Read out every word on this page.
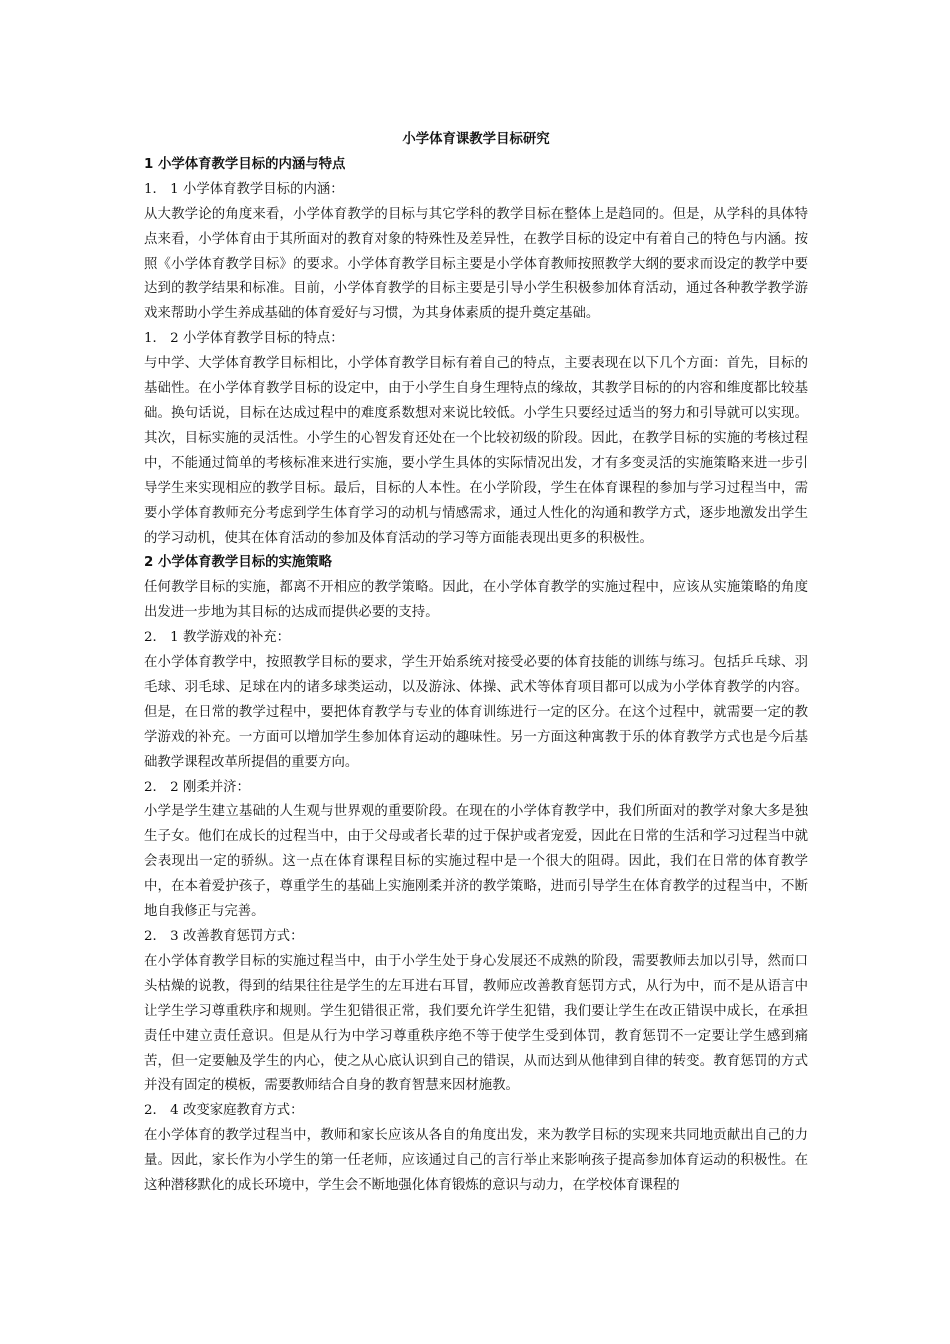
小学体育课教学目标研究

1 小学体育教学目标的内涵与特点

1． 1 小学体育教学目标的内涵：

从大教学论的角度来看，小学体育教学的目标与其它学科的教学目标在整体上是趋同的。但是，从学科的具体特点来看，小学体育由于其所面对的教育对象的特殊性及差异性，在教学目标的设定中有着自己的特色与内涵。按照《小学体育教学目标》的要求。小学体育教学目标主要是小学体育教师按照教学大纲的要求而设定的教学中要达到的教学结果和标准。目前，小学体育教学的目标主要是引导小学生积极参加体育活动，通过各种教学教学游戏来帮助小学生养成基础的体育爱好与习惯，为其身体素质的提升奠定基础。

1． 2 小学体育教学目标的特点：

与中学、大学体育教学目标相比，小学体育教学目标有着自己的特点，主要表现在以下几个方面：首先，目标的基础性。在小学体育教学目标的设定中，由于小学生自身生理特点的缘故，其教学目标的的内容和维度都比较基础。换句话说，目标在达成过程中的难度系数想对来说比较低。小学生只要经过适当的努力和引导就可以实现。其次，目标实施的灵活性。小学生的心智发育还处在一个比较初级的阶段。因此，在教学目标的实施的考核过程中，不能通过简单的考核标准来进行实施，要小学生具体的实际情况出发，才有多变灵活的实施策略来进一步引导学生来实现相应的教学目标。最后，目标的人本性。在小学阶段，学生在体育课程的参加与学习过程当中，需要小学体育教师充分考虑到学生体育学习的动机与情感需求，通过人性化的沟通和教学方式，逐步地激发出学生的学习动机，使其在体育活动的参加及体育活动的学习等方面能表现出更多的积极性。

2 小学体育教学目标的实施策略

任何教学目标的实施，都离不开相应的教学策略。因此，在小学体育教学的实施过程中，应该从实施策略的角度出发进一步地为其目标的达成而提供必要的支持。

2． 1 教学游戏的补充：

在小学体育教学中，按照教学目标的要求，学生开始系统对接受必要的体育技能的训练与练习。包括乒乓球、羽毛球、羽毛球、足球在内的诸多球类运动，以及游泳、体操、武术等体育项目都可以成为小学体育教学的内容。但是，在日常的教学过程中，要把体育教学与专业的体育训练进行一定的区分。在这个过程中，就需要一定的教学游戏的补充。一方面可以增加学生参加体育运动的趣味性。另一方面这种寓教于乐的体育教学方式也是今后基础教学课程改革所提倡的重要方向。

2． 2 刚柔并济：

小学是学生建立基础的人生观与世界观的重要阶段。在现在的小学体育教学中，我们所面对的教学对象大多是独生子女。他们在成长的过程当中，由于父母或者长辈的过于保护或者宠爱，因此在日常的生活和学习过程当中就会表现出一定的骄纵。这一点在体育课程目标的实施过程中是一个很大的阻碍。因此，我们在日常的体育教学中，在本着爱护孩子，尊重学生的基础上实施刚柔并济的教学策略，进而引导学生在体育教学的过程当中，不断地自我修正与完善。

2． 3 改善教育惩罚方式：

在小学体育教学目标的实施过程当中，由于小学生处于身心发展还不成熟的阶段，需要教师去加以引导，然而口头枯燥的说教，得到的结果往往是学生的左耳进右耳冒，教师应改善教育惩罚方式，从行为中，而不是从语言中让学生学习尊重秩序和规则。学生犯错很正常，我们要允许学生犯错，我们要让学生在改正错误中成长，在承担责任中建立责任意识。但是从行为中学习尊重秩序绝不等于使学生受到体罚，教育惩罚不一定要让学生感到痛苦，但一定要触及学生的内心，使之从心底认识到自己的错误，从而达到从他律到自律的转变。教育惩罚的方式并没有固定的模板，需要教师结合自身的教育智慧来因材施教。

2． 4 改变家庭教育方式：

在小学体育的教学过程当中，教师和家长应该从各自的角度出发，来为教学目标的实现来共同地贡献出自己的力量。因此，家长作为小学生的第一任老师，应该通过自己的言行举止来影响孩子提高参加体育运动的积极性。在这种潜移默化的成长环境中，学生会不断地强化体育锻炼的意识与动力，在学校体育课程的
